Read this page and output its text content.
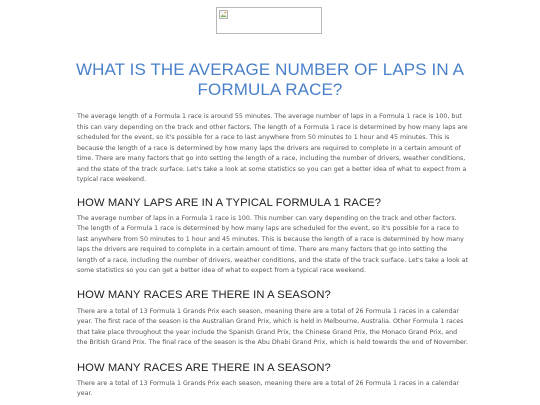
WHAT IS THE AVERAGE NUMBER OF LAPS IN A FORMULA RACE?

The average length of a Formula 1 race is around 55 minutes. The average number of laps in a Formula 1 race is 100, but this can vary depending on the track and other factors. The length of a Formula 1 race is determined by how many laps are scheduled for the event, so it's possible for a race to last anywhere from 50 minutes to 1 hour and 45 minutes. This is because the length of a race is determined by how many laps the drivers are required to complete in a certain amount of time. There are many factors that go into setting the length of a race, including the number of drivers, weather conditions, and the state of the track surface. Let's take a look at some statistics so you can get a better idea of what to expect from a typical race weekend.

HOW MANY LAPS ARE IN A TYPICAL FORMULA 1 RACE?

The average number of laps in a Formula 1 race is 100. This number can vary depending on the track and other factors. The length of a Formula 1 race is determined by how many laps are scheduled for the event, so it's possible for a race to last anywhere from 50 minutes to 1 hour and 45 minutes. This is because the length of a race is determined by how many laps the drivers are required to complete in a certain amount of time. There are many factors that go into setting the length of a race, including the number of drivers, weather conditions, and the state of the track surface. Let's take a look at some statistics so you can get a better idea of what to expect from a typical race weekend.

HOW MANY RACES ARE THERE IN A SEASON?

There are a total of 13 Formula 1 Grands Prix each season, meaning there are a total of 26 Formula 1 races in a calendar year. The first race of the season is the Australian Grand Prix, which is held in Melbourne, Australia. Other Formula 1 races that take place throughout the year include the Spanish Grand Prix, the Chinese Grand Prix, the Monaco Grand Prix, and the British Grand Prix. The final race of the season is the Abu Dhabi Grand Prix, which is held towards the end of November.

HOW MANY RACES ARE THERE IN A SEASON?

There are a total of 13 Formula 1 Grands Prix each season, meaning there are a total of 26 Formula 1 races in a calendar year.
